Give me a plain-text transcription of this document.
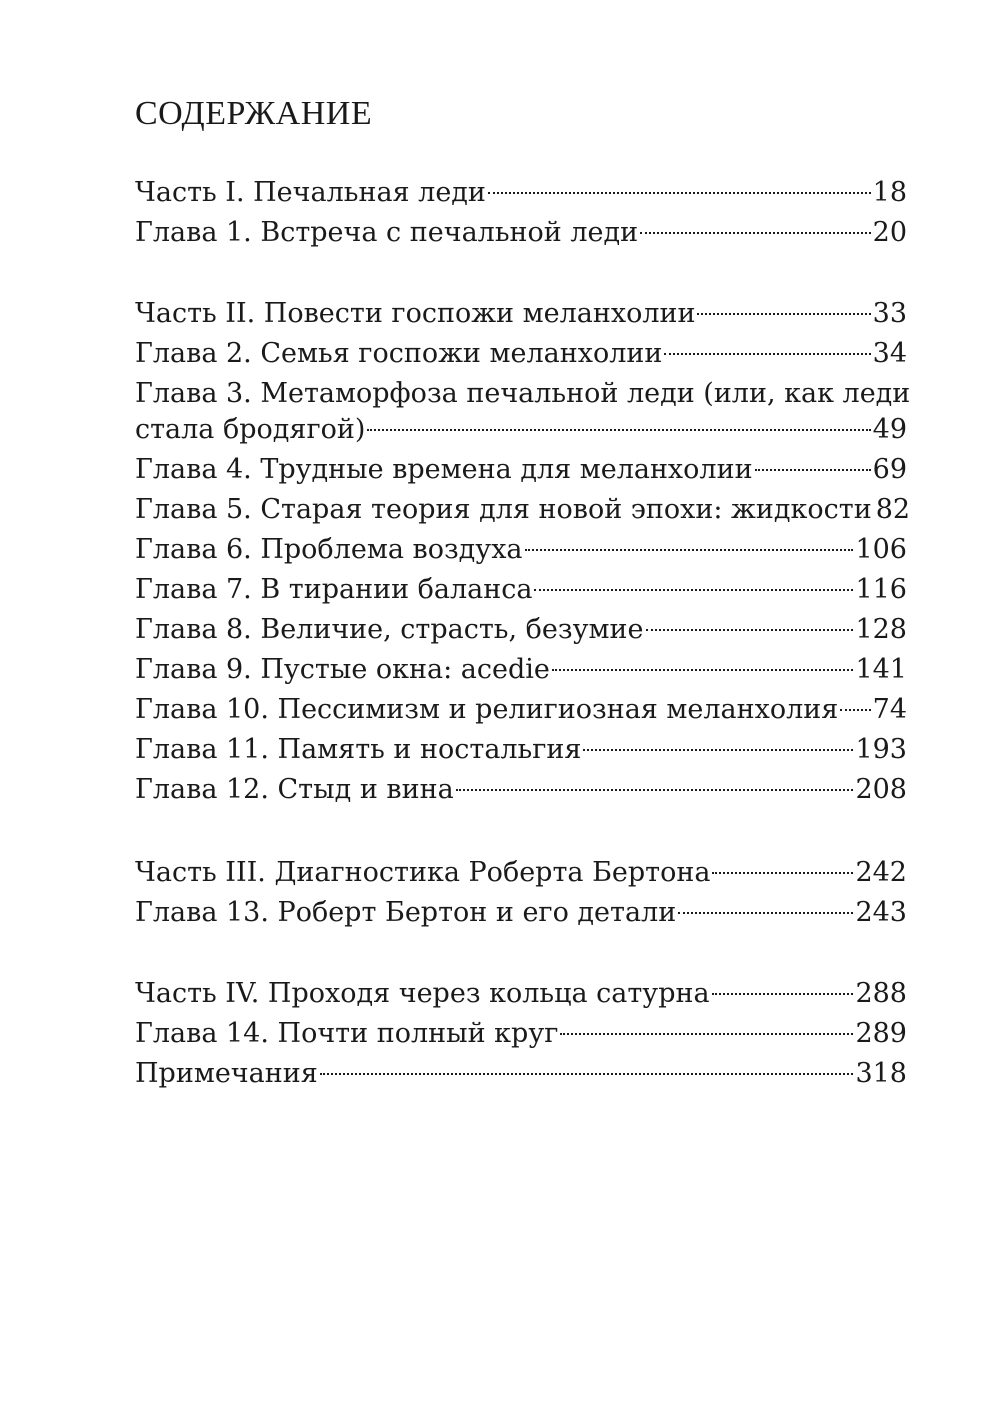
СОДЕРЖАНИЕ
Часть I. Печальная леди	18
Глава 1. Встреча с печальной леди	20
Часть II. Повести госпожи меланхолии	33
Глава 2. Семья госпожи меланхолии	34
Глава 3. Метаморфоза печальной леди (или, как леди
стала бродягой)	49
Глава 4. Трудные времена для меланхолии	69
Глава 5. Старая теория для новой эпохи: жидкости 82
Глава 6. Проблема воздуха	106
Глава 7. В тирании баланса	116
Глава 8. Величие, страсть, безумие	128
Глава 9. Пустые окна: acedie	141
Глава 10. Пессимизм и религиозная меланхолия 74
Глава 11. Память и ностальгия	193
Глава 12. Стыд и вина	208
Часть III. Диагностика Роберта Бертона	242
Глава 13. Роберт Бертон и его детали	243
Часть IV. Проходя через кольца сатурна	288
Глава 14. Почти полный круг	289
Примечания	318
